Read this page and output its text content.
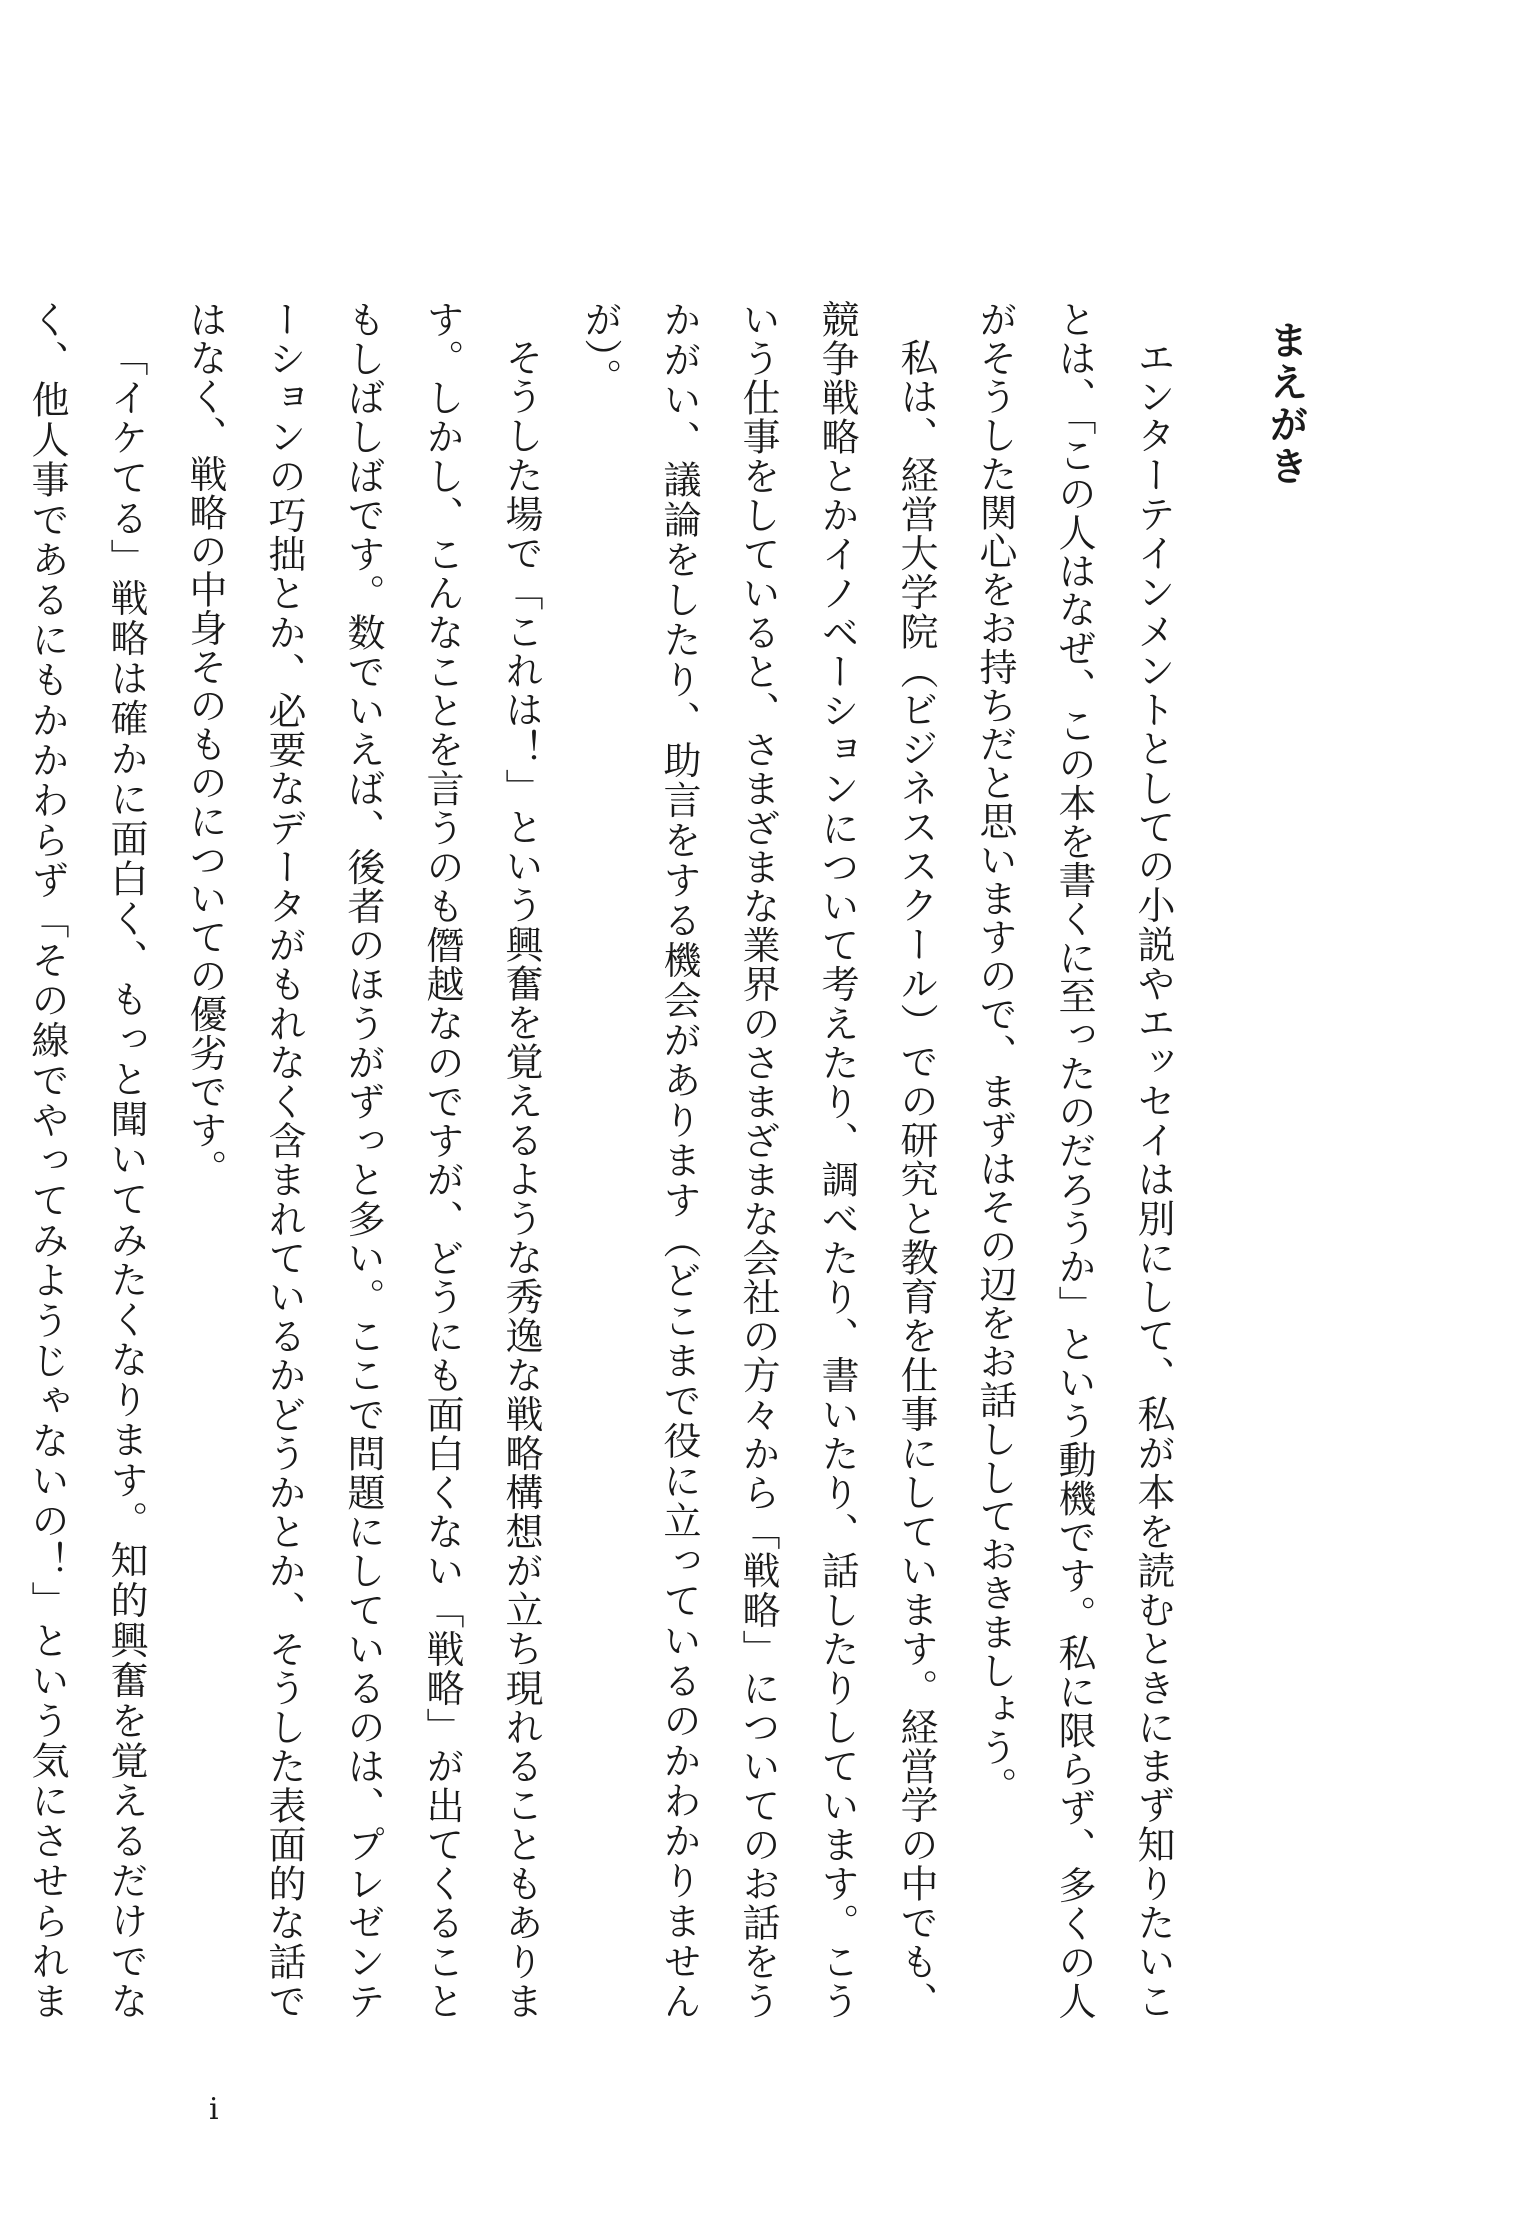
まえがき

エンターテインメントとしての小説やエッセイは別にして、私が本を読むときにまず知りたいことは、「この人はなぜ、この本を書くに至ったのだろうか」という動機です。私に限らず、多くの人がそうした関心をお持ちだと思いますので、まずはその辺をお話ししておきましょう。

私は、経営大学院（ビジネススクール）での研究と教育を仕事にしています。経営学の中でも、競争戦略とかイノベーションについて考えたり、調べたり、書いたり、話したりしています。こういう仕事をしていると、さまざまな業界のさまざまな会社の方々から「戦略」についてのお話をうかがい、議論をしたり、助言をする機会があります（どこまで役に立っているのかわかりませんが）。

そうした場で「これは！」という興奮を覚えるような秀逸な戦略構想が立ち現れることもあります。しかし、こんなことを言うのも僭越なのですが、どうにも面白くない「戦略」が出てくることもしばしばです。数でいえば、後者のほうがずっと多い。ここで問題にしているのは、プレゼンテーションの巧拙とか、必要なデータがもれなく含まれているかどうかとか、そうした表面的な話ではなく、戦略の中身そのものについての優劣です。

「イケてる」戦略は確かに面白く、もっと聞いてみたくなります。知的興奮を覚えるだけでなく、他人事であるにもかかわらず「その線でやってみようじゃないの！」という気にさせられま

i
